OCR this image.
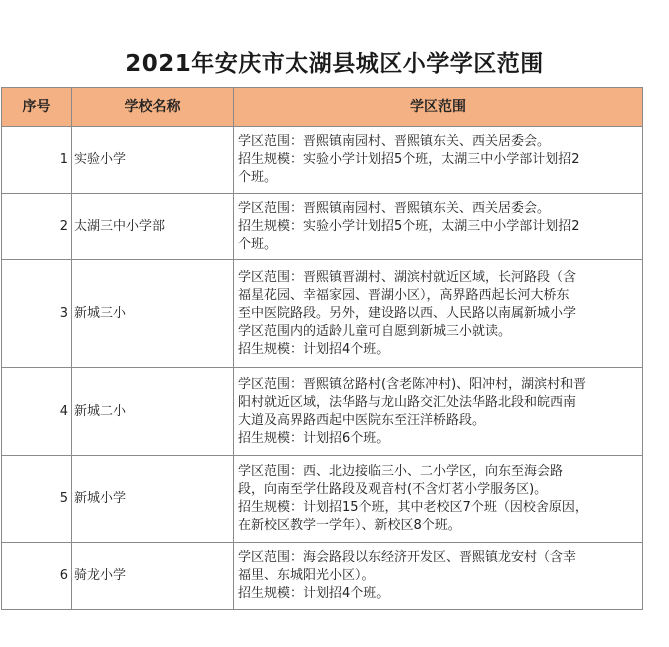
2021年安庆市太湖县城区小学学区范围
序号	学校名称	学区范围
1	实验小学	学区范围：晋熙镇南园村、晋熙镇东关、西关居委会。
招生规模：实验小学计划招5个班，太湖三中小学部计划招2
个班。

2	太湖三中小学部	学区范围：晋熙镇南园村、晋熙镇东关、西关居委会。
招生规模：实验小学计划招5个班，太湖三中小学部计划招2
个班。

3	新城三小	学区范围：晋熙镇晋湖村、湖滨村就近区域，长河路段（含
福星花园、幸福家园、晋湖小区），高界路西起长河大桥东
至中医院路段。另外，建设路以西、人民路以南属新城小学
学区范围内的适龄儿童可自愿到新城三小就读。
招生规模：计划招4个班。

4	新城二小	学区范围：晋熙镇岔路村(含老陈冲村)、阳冲村，湖滨村和晋
阳村就近区域，法华路与龙山路交汇处法华路北段和皖西南
大道及高界路西起中医院东至汪洋桥路段。
招生规模：计划招6个班。

5	新城小学	学区范围：西、北边接临三小、二小学区，向东至海会路
段，向南至学仕路段及观音村(不含灯茗小学服务区)。
招生规模：计划招15个班，其中老校区7个班（因校舍原因，
在新校区教学一学年）、新校区8个班。

6	骑龙小学	学区范围：海会路段以东经济开发区、晋熙镇龙安村（含幸
福里、东城阳光小区）。
招生规模：计划招4个班。
